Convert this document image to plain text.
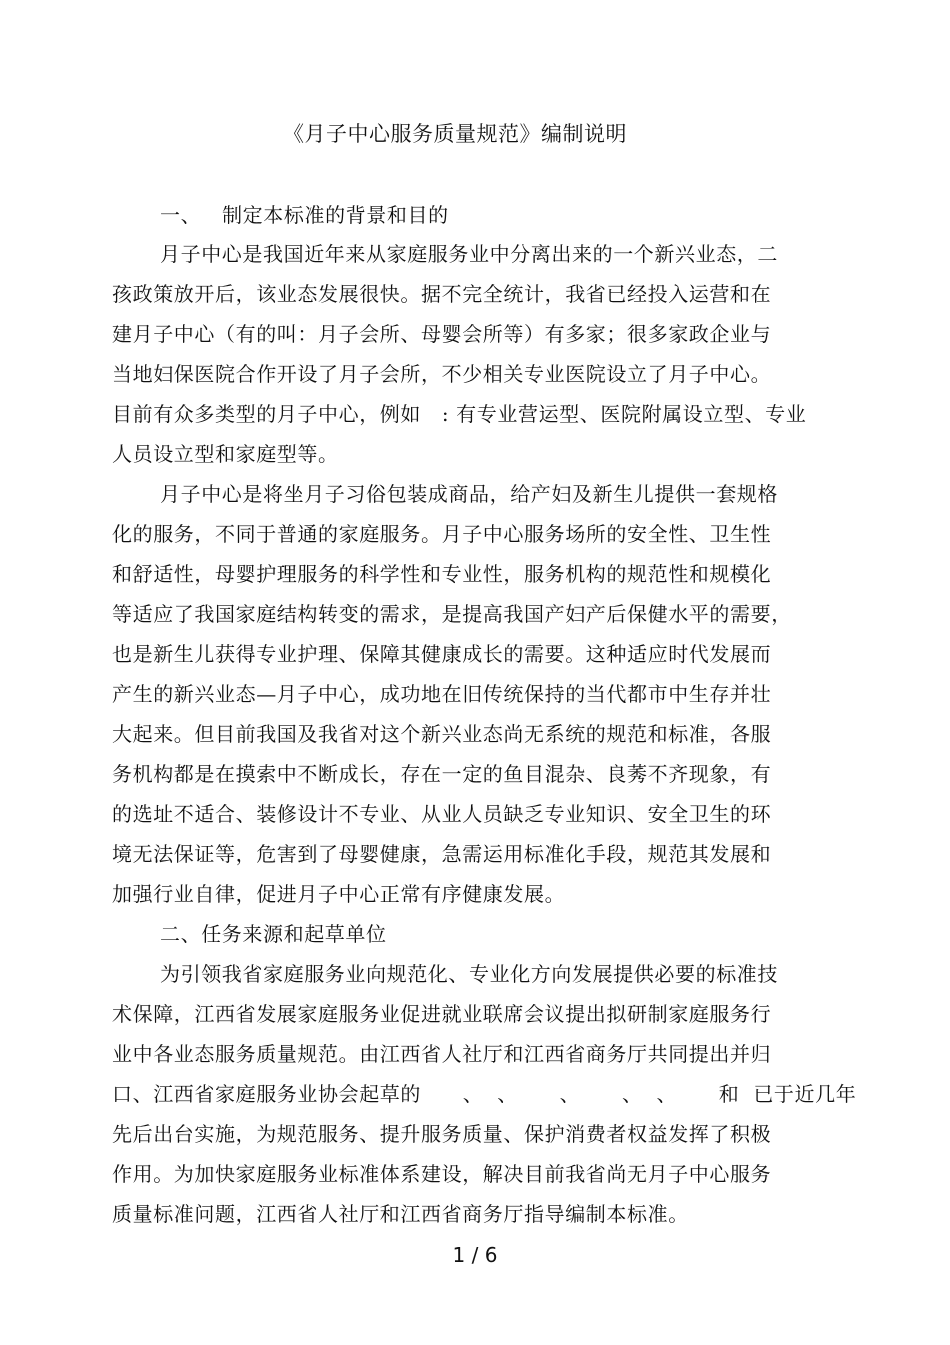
《月子中心服务质量规范》编制说明
一、   制定本标准的背景和目的
月子中心是我国近年来从家庭服务业中分离出来的一个新兴业态，二
孩政策放开后，该业态发展很快。据不完全统计，我省已经投入运营和在
建月子中心（有的叫：月子会所、母婴会所等）有多家；很多家政企业与
当地妇保医院合作开设了月子会所，不少相关专业医院设立了月子中心。
目前有众多类型的月子中心，例如   : 有专业营运型、医院附属设立型、专业
人员设立型和家庭型等。
月子中心是将坐月子习俗包装成商品，给产妇及新生儿提供一套规格
化的服务，不同于普通的家庭服务。月子中心服务场所的安全性、卫生性
和舒适性，母婴护理服务的科学性和专业性，服务机构的规范性和规模化
等适应了我国家庭结构转变的需求，是提高我国产妇产后保健水平的需要，
也是新生儿获得专业护理、保障其健康成长的需要。这种适应时代发展而
产生的新兴业态—月子中心，成功地在旧传统保持的当代都市中生存并壮
大起来。但目前我国及我省对这个新兴业态尚无系统的规范和标准，各服
务机构都是在摸索中不断成长，存在一定的鱼目混杂、良莠不齐现象，有
的选址不适合、装修设计不专业、从业人员缺乏专业知识、安全卫生的环
境无法保证等，危害到了母婴健康，急需运用标准化手段，规范其发展和
加强行业自律，促进月子中心正常有序健康发展。
二、任务来源和起草单位
为引领我省家庭服务业向规范化、专业化方向发展提供必要的标准技
术保障，江西省发展家庭服务业促进就业联席会议提出拟研制家庭服务行
业中各业态服务质量规范。由江西省人社厅和江西省商务厅共同提出并归
口、江西省家庭服务业协会起草的      、  、      、      、  、      和  已于近几年
先后出台实施，为规范服务、提升服务质量、保护消费者权益发挥了积极
作用。为加快家庭服务业标准体系建设，解决目前我省尚无月子中心服务
质量标准问题，江西省人社厅和江西省商务厅指导编制本标准。
1 / 6
